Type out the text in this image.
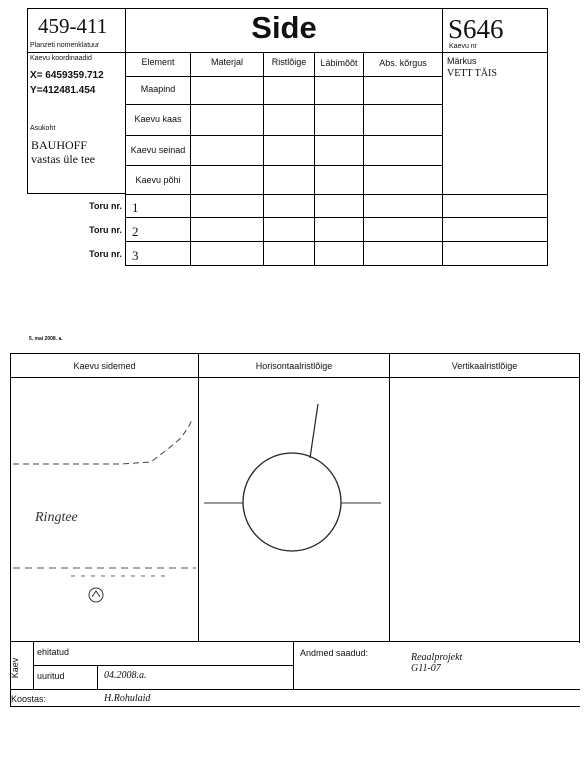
459-411
Planzeti nomenklatuur
Side	S646
Kaevu nr
Kaevu koordinaadid
X= 6459359.712
Y=412481.454
Asukoht
BAUHOFF
vastas üle tee
Element	Materjal	Ristlõige	Läbimõõt	Abs. kõrgus	Märkus
VETT TÄIS
Maapind
Kaevu kaas
Kaevu seinad
Kaevu põhi
Toru nr. 1
Toru nr. 2
Toru nr. 3
5. mai 2008. a.
Kaevu sidemed	Horisontaalristlõige	Vertikaalristlõige
Ringtee
Kaev
ehitatud
uuritud	04.2008.a.
Andmed saadud:	Reaalprojekt
G11-07
Koostas:	H.Rohulaid
